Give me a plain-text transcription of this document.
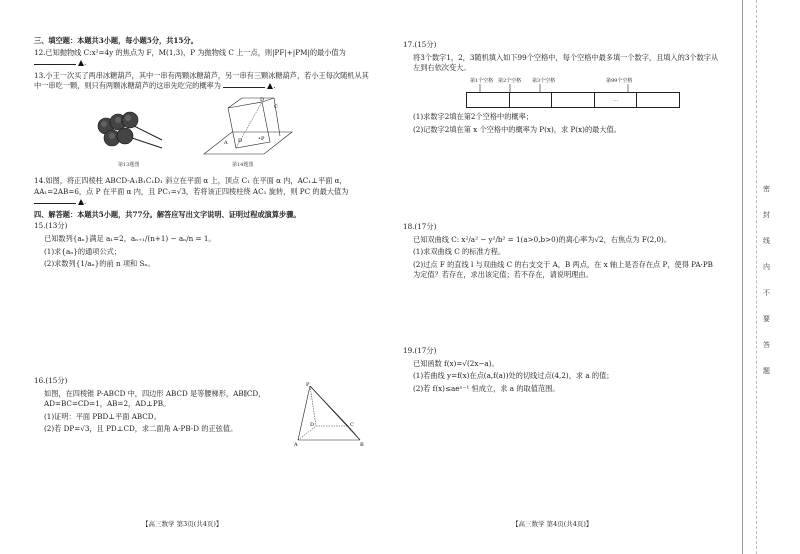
三、填空题：本题共3小题，每小题5分，共15分。
12.已知抛物线 C:x²=4y 的焦点为 F，M(1,3)，P 为抛物线 C 上一点，则|PF|+|PM|的最小值为 .
13.小王一次买了两串冰糖葫芦，其中一串有两颗冰糖葫芦，另一串有三颗冰糖葫芦，若小王每次随机从其中一串吃一颗，则只有两颗冰糖葫芦的这串先吃完的概率为	.
第13题图
A D
D
C
•P
第14题图
14.如图，将正四棱柱 ABCD-A₁B₁C₁D₁ 斜立在平面 α 上，顶点 C₁ 在平面 α 内，AC₁⊥平面 α，AA₁=2AB=6，点 P 在平面 α 内，且 PC₁=√3，若将该正四棱柱绕 AC₁ 旋转，则 PC 的最大值为 .
四、解答题：本题共5小题，共77分。解答应写出文字说明、证明过程或演算步骤。
15.(13分)
已知数列{aₙ}满足 a₁=2，aₙ₊₁/(n+1) − aₙ/n = 1。
(1)求{aₙ}的通项公式；
(2)求数列{1/aₙ}的前 n 项和 Sₙ。
16.(15分)
如图，在四棱锥 P-ABCD 中，四边形 ABCD 是等腰梯形，AB∥CD，AD=BC=CD=1，AB=2，AD⊥PB。
(1)证明：平面 PBD⊥平面 ABCD。
(2)若 DP=√3，且 PD⊥CD，求二面角 A-PB-D 的正弦值。
P
A	B
C
D
17.(15分)
将3个数字1，2，3随机填入如下99个空格中，每个空格中最多填一个数字，且填入的3个数字从左到右依次变大。
第1个空格 第2个空格 第3个空格	第99个空格
…
(1)求数字2填在第2个空格中的概率；
(2)记数字2填在第 x 个空格中的概率为 P(x)，求 P(x)的最大值。
18.(17分)
已知双曲线 C: x²/a² − y²/b² = 1(a>0,b>0)的离心率为√2，右焦点为 F(2,0)。
(1)求双曲线 C 的标准方程。
(2)过点 F 的直线 l 与双曲线 C 的右支交于 A，B 两点，在 x 轴上是否存在点 P，使得 PA·PB 为定值？若存在，求出该定值；若不存在，请说明理由。
19.(17分)
已知函数 f(x)=√(2x−a)。
(1)若曲线 y=f(x)在点(a,f(a))处的切线过点(4,2)，求 a 的值；
(2)若 f(x)≤aeˣ⁻¹ 恒成立，求 a 的取值范围。
【高三数学 第3页(共4页)】	【高三数学 第4页(共4页)】
密
封
线
内
不
要
答
题
